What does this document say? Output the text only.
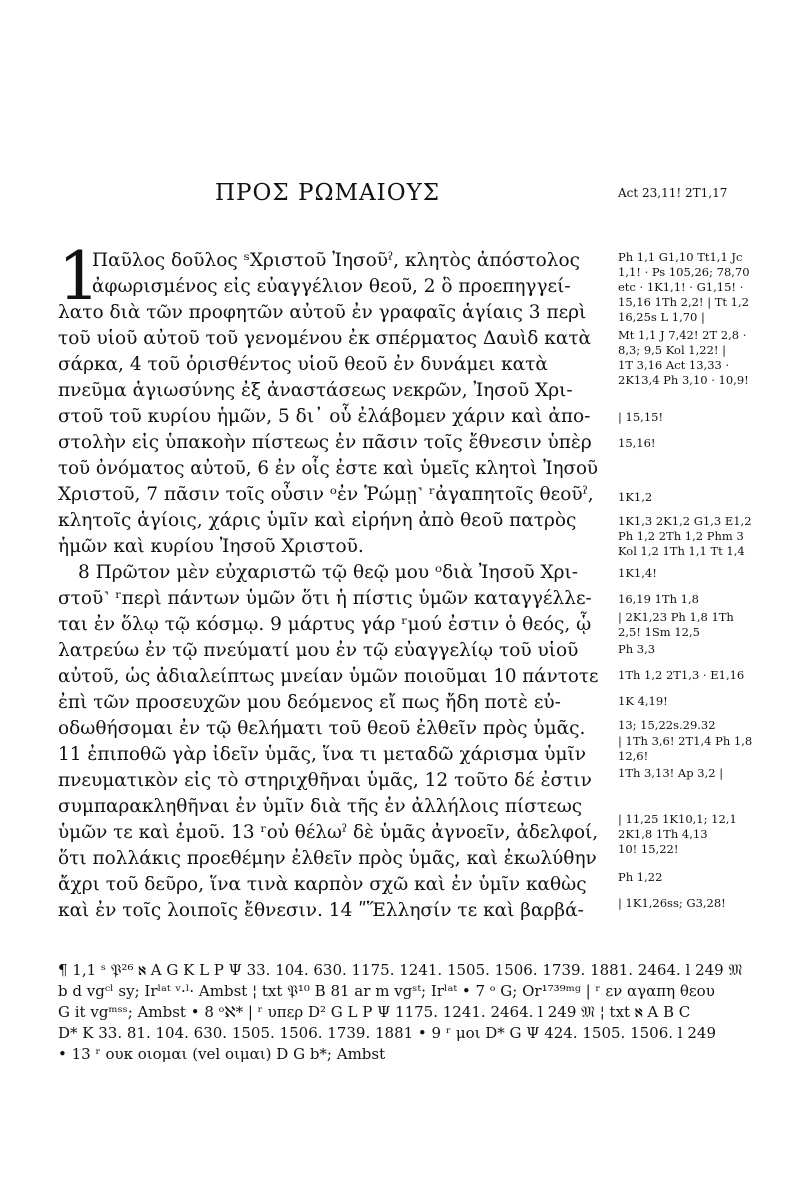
ΠΡΟΣ ΡΩΜΑΙΟΥΣ	Act 23,11! 2T1,17
1
Παῦλος δοῦλος ˢΧριστοῦ Ἰησοῦˀ, κλητὸς ἀπόστολος
ἀφωρισμένος εἰς εὐαγγέλιον θεοῦ, 2 ὃ προεπηγγεί-
λατο διὰ τῶν προφητῶν αὐτοῦ ἐν γραφαῖς ἁγίαις 3 περὶ
τοῦ υἱοῦ αὐτοῦ τοῦ γενομένου ἐκ σπέρματος Δαυὶδ κατὰ
σάρκα, 4 τοῦ ὁρισθέντος υἱοῦ θεοῦ ἐν δυνάμει κατὰ
πνεῦμα ἁγιωσύνης ἐξ ἀναστάσεως νεκρῶν, Ἰησοῦ Χρι-
στοῦ τοῦ κυρίου ἡμῶν, 5 δι᾽ οὗ ἐλάβομεν χάριν καὶ ἀπο-
στολὴν εἰς ὑπακοὴν πίστεως ἐν πᾶσιν τοῖς ἔθνεσιν ὑπὲρ
τοῦ ὀνόματος αὐτοῦ, 6 ἐν οἷς ἐστε καὶ ὑμεῖς κλητοὶ Ἰησοῦ
Χριστοῦ, 7 πᾶσιν τοῖς οὖσιν ᵒἐν Ῥώμῃ˺ ʳἀγαπητοῖς θεοῦˀ,
κλητοῖς ἁγίοις, χάρις ὑμῖν καὶ εἰρήνη ἀπὸ θεοῦ πατρὸς
ἡμῶν καὶ κυρίου Ἰησοῦ Χριστοῦ.
8 Πρῶτον μὲν εὐχαριστῶ τῷ θεῷ μου ᵒδιὰ Ἰησοῦ Χρι-
στοῦ˺ ʳπερὶ πάντων ὑμῶν ὅτι ἡ πίστις ὑμῶν καταγγέλλε-
ται ἐν ὅλῳ τῷ κόσμῳ. 9 μάρτυς γάρ ʳμού ἐστιν ὁ θεός, ᾧ
λατρεύω ἐν τῷ πνεύματί μου ἐν τῷ εὐαγγελίῳ τοῦ υἱοῦ
αὐτοῦ, ὡς ἀδιαλείπτως μνείαν ὑμῶν ποιοῦμαι 10 πάντοτε
ἐπὶ τῶν προσευχῶν μου δεόμενος εἴ πως ἤδη ποτὲ εὐ-
οδωθήσομαι ἐν τῷ θελήματι τοῦ θεοῦ ἐλθεῖν πρὸς ὑμᾶς.
11 ἐπιποθῶ γὰρ ἰδεῖν ὑμᾶς, ἵνα τι μεταδῶ χάρισμα ὑμῖν
πνευματικὸν εἰς τὸ στηριχθῆναι ὑμᾶς, 12 τοῦτο δέ ἐστιν
συμπαρακληθῆναι ἐν ὑμῖν διὰ τῆς ἐν ἀλλήλοις πίστεως
ὑμῶν τε καὶ ἐμοῦ. 13 ʳοὐ θέλωˀ δὲ ὑμᾶς ἀγνοεῖν, ἀδελφοί,
ὅτι πολλάκις προεθέμην ἐλθεῖν πρὸς ὑμᾶς, καὶ ἐκωλύθην
ἄχρι τοῦ δεῦρο, ἵνα τινὰ καρπὸν σχῶ καὶ ἐν ὑμῖν καθὼς
καὶ ἐν τοῖς λοιποῖς ἔθνεσιν. 14 ʺἝλλησίν τε καὶ βαρβά-
Ph 1,1 G1,10 Tt1,1 Jc
1,1! · Ps 105,26; 78,70
etc · 1K1,1! · G1,15! ·
15,16 1Th 2,2! | Tt 1,2
16,25s L 1,70 |
Mt 1,1 J 7,42! 2T 2,8 ·
8,3; 9,5 Kol 1,22! |
1T 3,16 Act 13,33 ·
2K13,4 Ph 3,10 · 10,9!
| 15,15!
15,16!
1K1,2
1K1,3 2K1,2 G1,3 E1,2
Ph 1,2 2Th 1,2 Phm 3
Kol 1,2 1Th 1,1 Tt 1,4
1K1,4!
16,19 1Th 1,8
| 2K1,23 Ph 1,8 1Th
2,5! 1Sm 12,5
Ph 3,3
1Th 1,2 2T1,3 · E1,16
1K 4,19!
13; 15,22s.29.32
| 1Th 3,6! 2T1,4 Ph 1,8
12,6!
1Th 3,13! Ap 3,2 |
| 11,25 1K10,1; 12,1
2K1,8 1Th 4,13
10! 15,22!
Ph 1,22
| 1K1,26ss; G3,28!
¶ 1,1 ˢ 𝔓²⁶ ℵ A G K L P Ψ 33. 104. 630. 1175. 1241. 1505. 1506. 1739. 1881. 2464. l 249 𝔐
b d vgᶜˡ sy; Irˡᵃᵗ ᵛ·ˡ· Ambst ¦ txt 𝔓¹⁰ B 81 ar m vgˢᵗ; Irˡᵃᵗ • 7 ᵒ G; Or¹⁷³⁹ᵐᵍ | ʳ εν αγαπη θεου
G it vgᵐˢˢ; Ambst • 8 ᵒℵ* | ʳ υπερ D² G L P Ψ 1175. 1241. 2464. l 249 𝔐 ¦ txt ℵ A B C
D* K 33. 81. 104. 630. 1505. 1506. 1739. 1881 • 9 ʳ μοι D* G Ψ 424. 1505. 1506. l 249
• 13 ʳ ουκ οιομαι (vel οιμαι) D G b*; Ambst
